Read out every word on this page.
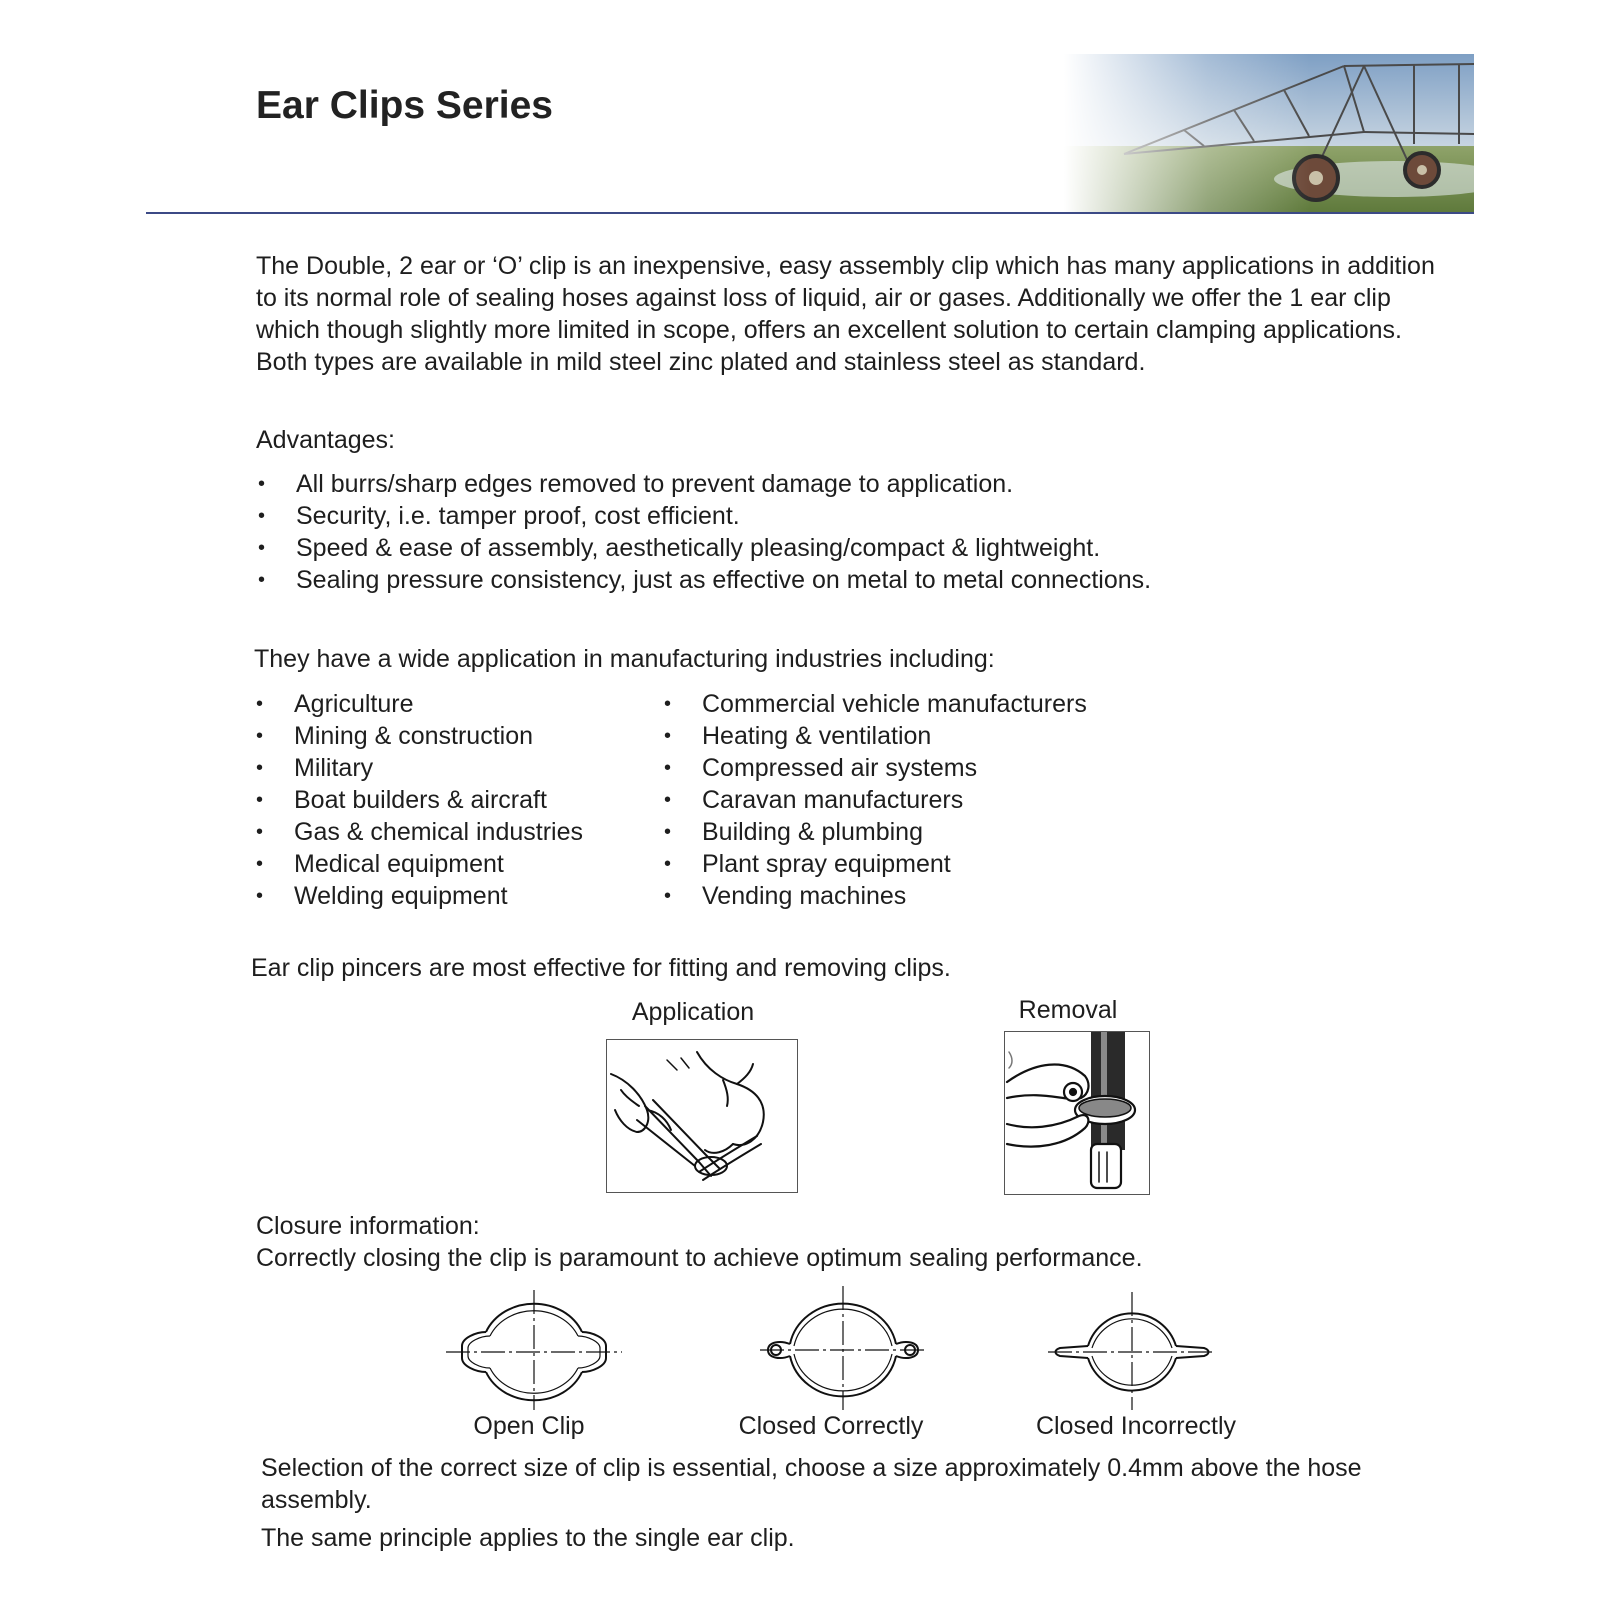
Ear Clips Series

The Double, 2 ear or ‘O’ clip is an inexpensive, easy assembly clip which has many applications in addition to its normal role of sealing hoses against loss of liquid, air or gases. Additionally we offer the 1 ear clip which though slightly more limited in scope, offers an excellent solution to certain clamping applications. Both types are available in mild steel zinc plated and stainless steel as standard.

Advantages:
• All burrs/sharp edges removed to prevent damage to application.
• Security, i.e. tamper proof, cost efficient.
• Speed & ease of assembly, aesthetically pleasing/compact & lightweight.
• Sealing pressure consistency, just as effective on metal to metal connections.
They have a wide application in manufacturing industries including:
• Agriculture
• Mining & construction
• Military
• Boat builders & aircraft
• Gas & chemical industries
• Medical equipment
• Welding equipment
• Commercial vehicle manufacturers
• Heating & ventilation
• Compressed air systems
• Caravan manufacturers
• Building & plumbing
• Plant spray equipment
• Vending machines
Ear clip pincers are most effective for fitting and removing clips.
Application	Removal
Closure information:
Correctly closing the clip is paramount to achieve optimum sealing performance.
Open Clip	Closed Correctly	Closed Incorrectly
Selection of the correct size of clip is essential, choose a size approximately 0.4mm above the hose assembly.
The same principle applies to the single ear clip.
